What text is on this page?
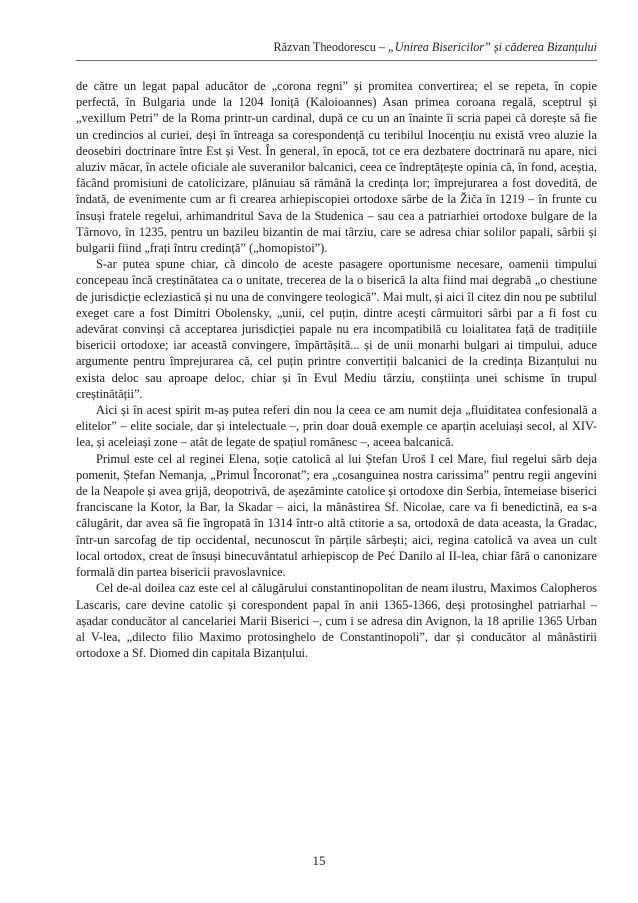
Răzvan Theodorescu – „Unirea Bisericilor” și căderea Bizanțului

de către un legat papal aducător de „corona regni” și promitea convertirea; el se repeta, în copie perfectă, în Bulgaria unde la 1204 Ioniță (Kaloioannes) Asan primea coroana regală, sceptrul și „vexillum Petri” de la Roma printr-un cardinal, după ce cu un an înainte îi scria papei că dorește să fie un credincios al curiei, deși în întreaga sa corespondență cu teribilul Inocențiu nu există vreo aluzie la deosebiri doctrinare între Est și Vest. În general, în epocă, tot ce era dezbatere doctrinară nu apare, nici aluziv măcar, în actele oficiale ale suveranilor balcanici, ceea ce îndreptățește opinia că, în fond, aceștia, făcând promisiuni de catolicizare, plănuiau să rămână la credința lor; împrejurarea a fost dovedită, de îndată, de evenimente cum ar fi crearea arhiepiscopiei ortodoxe sârbe de la Žiča în 1219 – în frunte cu însuși fratele regelui, arhimandritul Sava de la Studenica – sau cea a patriarhiei ortodoxe bulgare de la Târnovo, în 1235, pentru un bazileu bizantin de mai târziu, care se adresa chiar solilor papali, sârbii și bulgarii fiind „frați întru credință” („homopistoi”).

S-ar putea spune chiar, că dincolo de aceste pasagere oportunisme necesare, oamenii timpului concepeau încă creștinătatea ca o unitate, trecerea de la o biserică la alta fiind mai degrabă „o chestiune de jurisdicție ecleziastică și nu una de convingere teologică”. Mai mult, și aici îl citez din nou pe subtilul exeget care a fost Dimitri Obolensky, „unii, cel puțin, dintre acești cârmuitori sârbi par a fi fost cu adevărat convinși că acceptarea jurisdicției papale nu era incompatibilă cu loialitatea față de tradițiile bisericii ortodoxe; iar această convingere, împărtășită... și de unii monarhi bulgari ai timpului, aduce argumente pentru împrejurarea că, cel puțin printre convertiții balcanici de la credința Bizanțului nu exista deloc sau aproape deloc, chiar și în Evul Mediu târziu, conștiința unei schisme în trupul creștinătății”.

Aici și în acest spirit m-aș putea referi din nou la ceea ce am numit deja „fluiditatea confesională a elitelor” – elite sociale, dar și intelectuale –, prin doar două exemple ce aparțin aceluiași secol, al XIV-lea, și aceleiași zone – atât de legate de spațiul românesc –, aceea balcanică.

Primul este cel al reginei Elena, soție catolică al lui Ștefan Uroš I cel Mare, fiul regelui sârb deja pomenit, Ștefan Nemanja, „Primul Încoronat”; era „cosanguinea nostra carissima” pentru regii angevini de la Neapole și avea grijă, deopotrivă, de așezăminte catolice și ortodoxe din Serbia, întemeiase biserici franciscane la Kotor, la Bar, la Skadar – aici, la mănăstirea Sf. Nicolae, care va fi benedictină, ea s-a călugărit, dar avea să fie îngropată în 1314 într-o altă ctitorie a sa, ortodoxă de data aceasta, la Gradac, într-un sarcofag de tip occidental, necunoscut în părțile sârbești; aici, regina catolică va avea un cult local ortodox, creat de însuși binecuvântatul arhiepiscop de Peć Danilo al II-lea, chiar fără o canonizare formală din partea bisericii pravoslavnice.

Cel de-al doilea caz este cel al călugărului constantinopolitan de neam ilustru, Maximos Calopheros Lascaris, care devine catolic și corespondent papal în anii 1365-1366, deși protosinghel patriarhal – așadar conducător al cancelariei Marii Biserici –, cum i se adresa din Avignon, la 18 aprilie 1365 Urban al V-lea, „dilecto filio Maximo protosinghelo de Constantinopoli”, dar și conducător al mânăstirii ortodoxe a Sf. Diomed din capitala Bizanțului.

15
